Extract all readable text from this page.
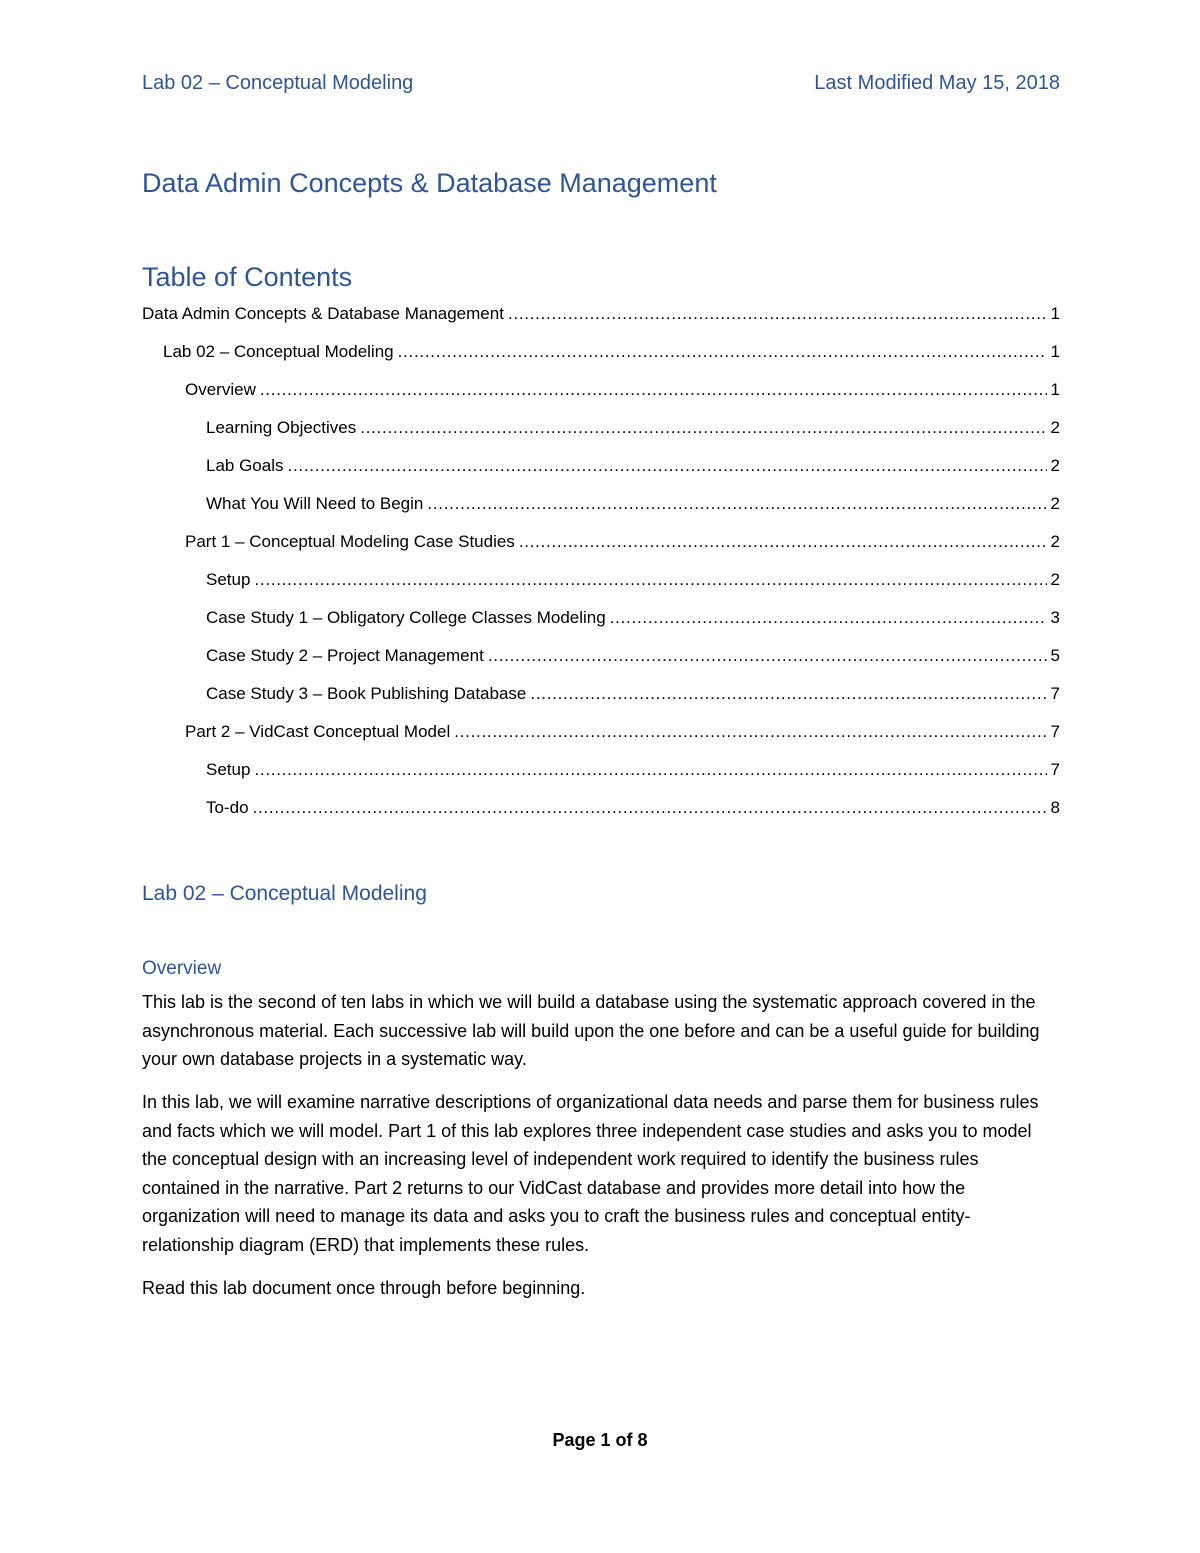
Lab 02 – Conceptual Modeling	Last Modified May 15, 2018
Data Admin Concepts & Database Management
Table of Contents
Data Admin Concepts & Database Management . . .	1
Lab 02 – Conceptual Modeling . . .	1
Overview . . .	1
Learning Objectives . . .	2
Lab Goals . . .	2
What You Will Need to Begin . . .	2
Part 1 – Conceptual Modeling Case Studies . . .	2
Setup . . .	2
Case Study 1 – Obligatory College Classes Modeling . . .	3
Case Study 2 – Project Management . . .	5
Case Study 3 – Book Publishing Database . . .	7
Part 2 – VidCast Conceptual Model . . .	7
Setup . . .	7
To-do . . .	8
Lab 02 – Conceptual Modeling
Overview

This lab is the second of ten labs in which we will build a database using the systematic approach covered in the asynchronous material. Each successive lab will build upon the one before and can be a useful guide for building your own database projects in a systematic way.

In this lab, we will examine narrative descriptions of organizational data needs and parse them for business rules and facts which we will model. Part 1 of this lab explores three independent case studies and asks you to model the conceptual design with an increasing level of independent work required to identify the business rules contained in the narrative. Part 2 returns to our VidCast database and provides more detail into how the organization will need to manage its data and asks you to craft the business rules and conceptual entity-relationship diagram (ERD) that implements these rules.

Read this lab document once through before beginning.

Page 1 of 8
